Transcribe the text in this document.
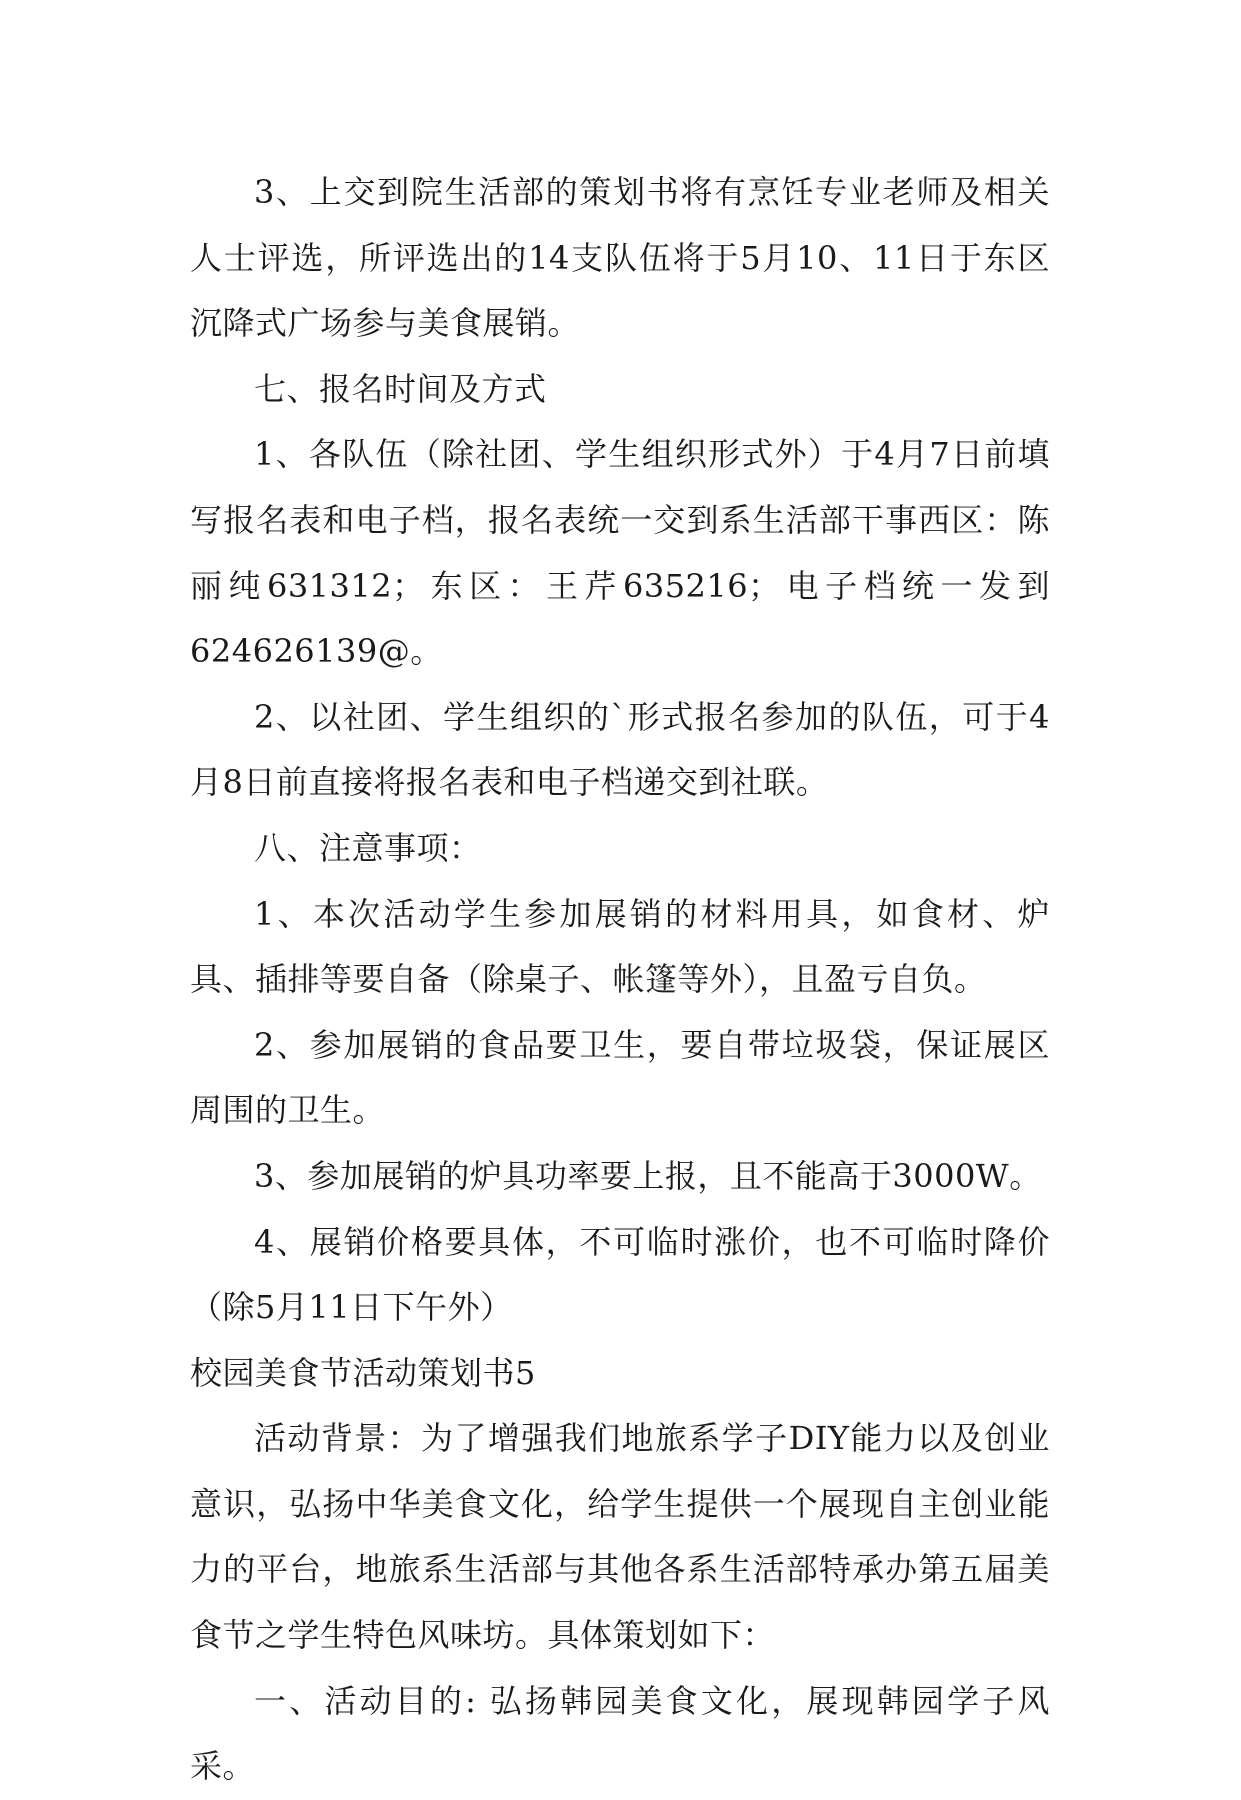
3、上交到院生活部的策划书将有烹饪专业老师及相关人士评选，所评选出的14支队伍将于5月10、11日于东区沉降式广场参与美食展销。

七、报名时间及方式

1、各队伍（除社团、学生组织形式外）于4月7日前填写报名表和电子档，报名表统一交到系生活部干事西区：陈丽纯631312；东区：王芹635216；电子档统一发到624626139@。

2、以社团、学生组织的`形式报名参加的队伍，可于4月8日前直接将报名表和电子档递交到社联。

八、注意事项：

1、本次活动学生参加展销的材料用具，如食材、炉具、插排等要自备（除桌子、帐篷等外），且盈亏自负。

2、参加展销的食品要卫生，要自带垃圾袋，保证展区周围的卫生。

3、参加展销的炉具功率要上报，且不能高于3000W。

4、展销价格要具体，不可临时涨价，也不可临时降价（除5月11日下午外）

校园美食节活动策划书5

活动背景：为了增强我们地旅系学子DIY能力以及创业意识，弘扬中华美食文化，给学生提供一个展现自主创业能力的平台，地旅系生活部与其他各系生活部特承办第五届美食节之学生特色风味坊。具体策划如下：

一、活动目的: 弘扬韩园美食文化，展现韩园学子风采。
